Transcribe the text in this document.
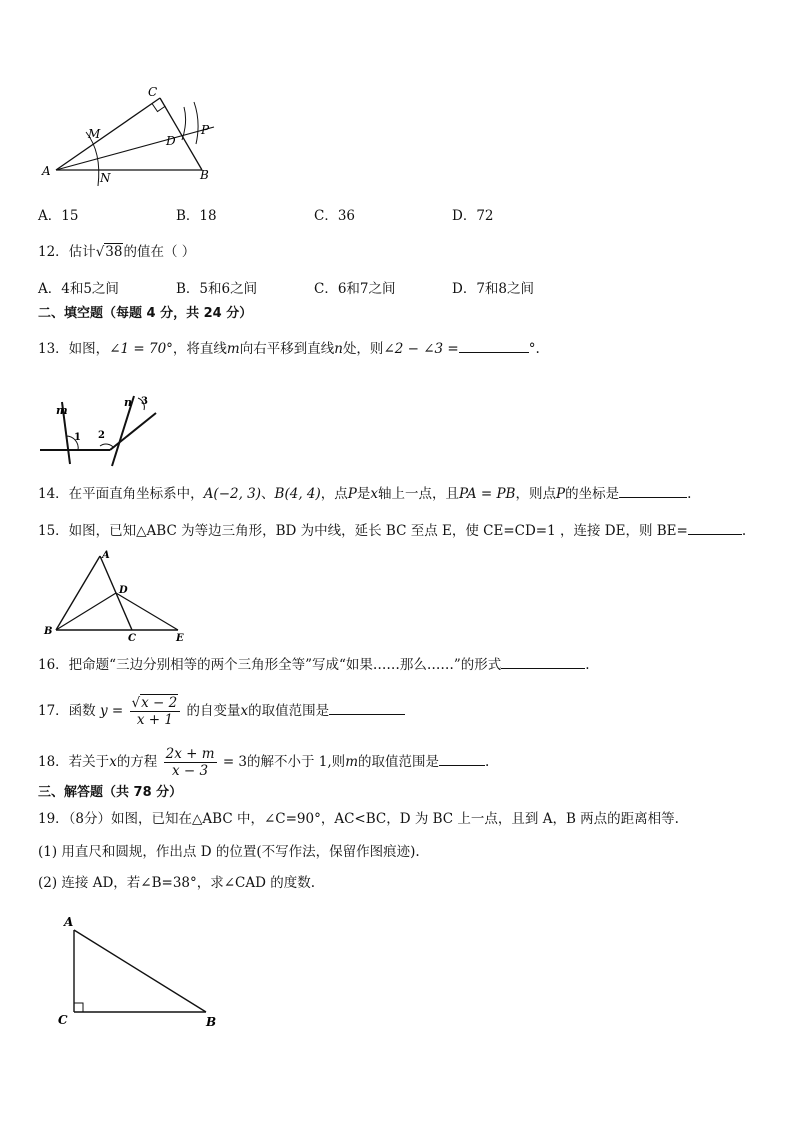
C
A	B
M
N
D
P
A．15	B．18	C．36	D．72
12．估计√38的值在（ ）
A．4和5之间	B．5和6之间	C．6和7之间	D．7和8之间
二、填空题（每题 4 分，共 24 分）
13．如图，∠1 = 70°，将直线m向右平移到直线n处，则∠2 − ∠3 =	°.
m
n
1 2
3
14．在平面直角坐标系中，A(−2, 3)、B(4, 4)，点P是x轴上一点，且PA = PB，则点P的坐标是	.
15．如图，已知△ABC 为等边三角形，BD 为中线，延长 BC 至点 E，使 CE=CD=1 ，连接 DE，则 BE=	.
A
B
C
D
E
16．把命题“三边分别相等的两个三角形全等”写成“如果……那么……”的形式	.
17．函数 $y = \frac{√x - 2}{x + 1}$ 的自变量x的取值范围是
18．若关于x的方程 $\frac{2x + m}{x - 3} = 3$的解不小于 1,则m的取值范围是	.
三、解答题（共 78 分）
19．（8分）如图，已知在△ABC 中，∠C=90°，AC<BC，D 为 BC 上一点，且到 A，B 两点的距离相等.
(1) 用直尺和圆规，作出点 D 的位置(不写作法，保留作图痕迹).
(2) 连接 AD，若∠B=38°，求∠CAD 的度数.
A
C	B
